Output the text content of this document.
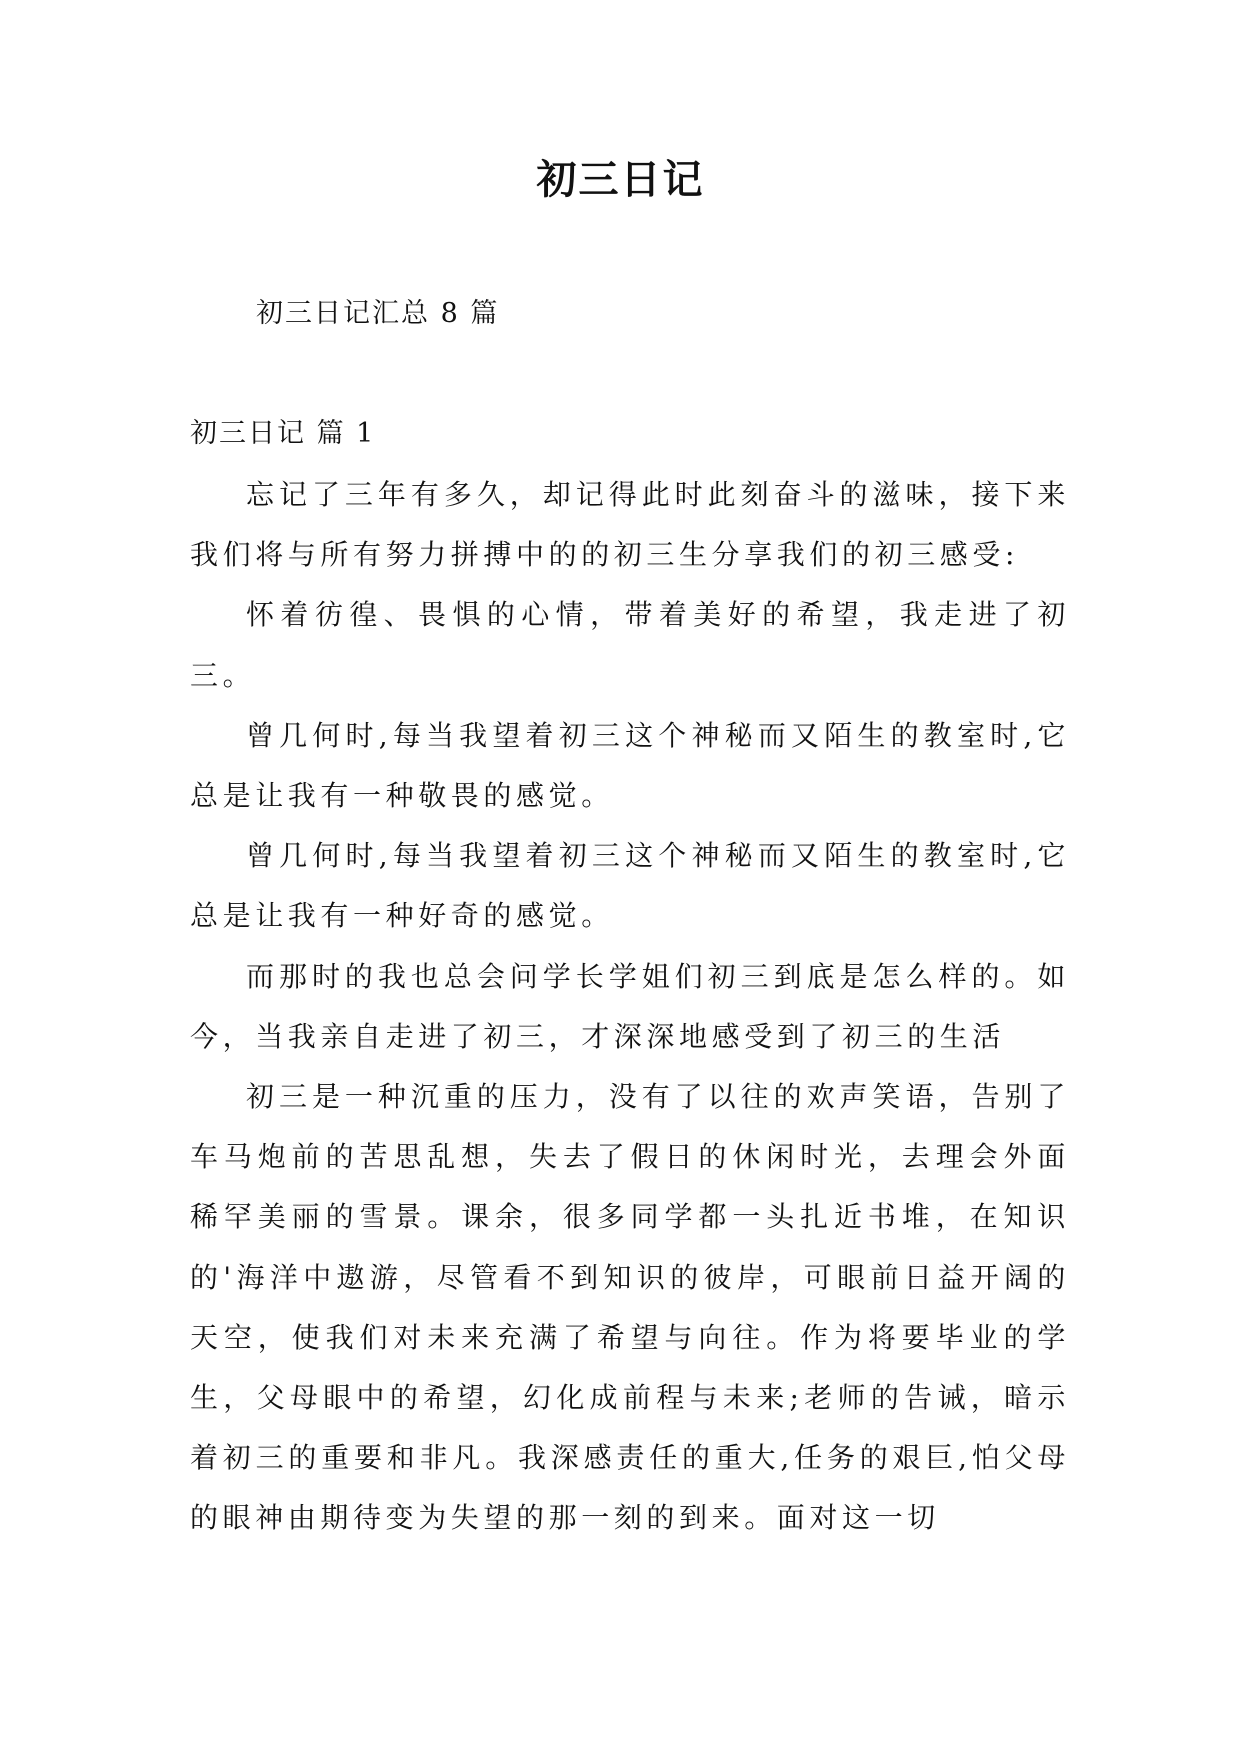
初三日记
初三日记汇总 8 篇
初三日记 篇 1

忘记了三年有多久，却记得此时此刻奋斗的滋味，接下来我们将与所有努力拼搏中的的初三生分享我们的初三感受:

怀着彷徨、畏惧的心情，带着美好的希望，我走进了初三。

曾几何时,每当我望着初三这个神秘而又陌生的教室时,它总是让我有一种敬畏的感觉。

曾几何时,每当我望着初三这个神秘而又陌生的教室时,它总是让我有一种好奇的感觉。

而那时的我也总会问学长学姐们初三到底是怎么样的。如今，当我亲自走进了初三，才深深地感受到了初三的生活

初三是一种沉重的压力，没有了以往的欢声笑语，告别了车马炮前的苦思乱想，失去了假日的休闲时光，去理会外面稀罕美丽的雪景。课余，很多同学都一头扎近书堆，在知识的'海洋中遨游，尽管看不到知识的彼岸，可眼前日益开阔的天空，使我们对未来充满了希望与向往。作为将要毕业的学生，父母眼中的希望，幻化成前程与未来;老师的告诫，暗示着初三的重要和非凡。我深感责任的重大,任务的艰巨,怕父母的眼神由期待变为失望的那一刻的到来。面对这一切
